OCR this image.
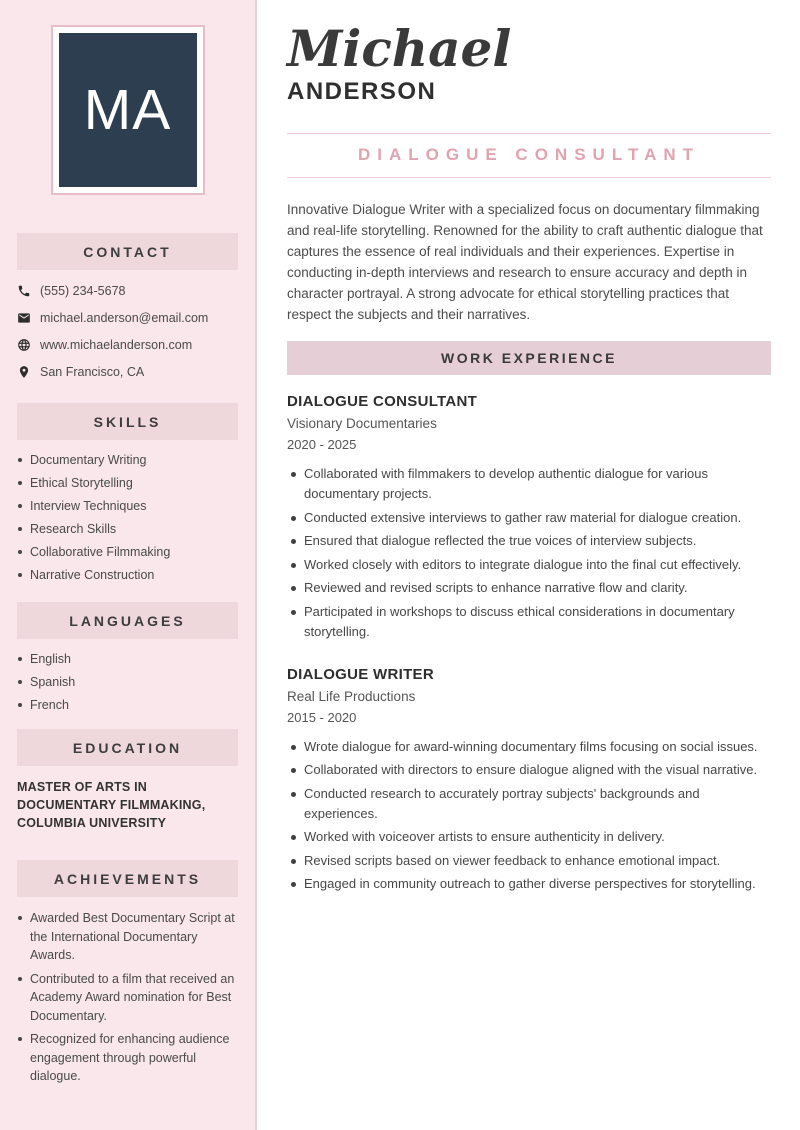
MA
CONTACT
(555) 234-5678
michael.anderson@email.com
www.michaelanderson.com
San Francisco, CA
SKILLS
Documentary Writing
Ethical Storytelling
Interview Techniques
Research Skills
Collaborative Filmmaking
Narrative Construction
LANGUAGES
English
Spanish
French
EDUCATION
MASTER OF ARTS IN DOCUMENTARY FILMMAKING, COLUMBIA UNIVERSITY
ACHIEVEMENTS
Awarded Best Documentary Script at the International Documentary Awards.
Contributed to a film that received an Academy Award nomination for Best Documentary.
Recognized for enhancing audience engagement through powerful dialogue.
Michael
ANDERSON
DIALOGUE CONSULTANT

Innovative Dialogue Writer with a specialized focus on documentary filmmaking and real-life storytelling. Renowned for the ability to craft authentic dialogue that captures the essence of real individuals and their experiences. Expertise in conducting in-depth interviews and research to ensure accuracy and depth in character portrayal. A strong advocate for ethical storytelling practices that respect the subjects and their narratives.

WORK EXPERIENCE
DIALOGUE CONSULTANT
Visionary Documentaries
2020 - 2025
Collaborated with filmmakers to develop authentic dialogue for various documentary projects.
Conducted extensive interviews to gather raw material for dialogue creation.
Ensured that dialogue reflected the true voices of interview subjects.
Worked closely with editors to integrate dialogue into the final cut effectively.
Reviewed and revised scripts to enhance narrative flow and clarity.
Participated in workshops to discuss ethical considerations in documentary storytelling.
DIALOGUE WRITER
Real Life Productions
2015 - 2020
Wrote dialogue for award-winning documentary films focusing on social issues.
Collaborated with directors to ensure dialogue aligned with the visual narrative.
Conducted research to accurately portray subjects' backgrounds and experiences.
Worked with voiceover artists to ensure authenticity in delivery.
Revised scripts based on viewer feedback to enhance emotional impact.
Engaged in community outreach to gather diverse perspectives for storytelling.
